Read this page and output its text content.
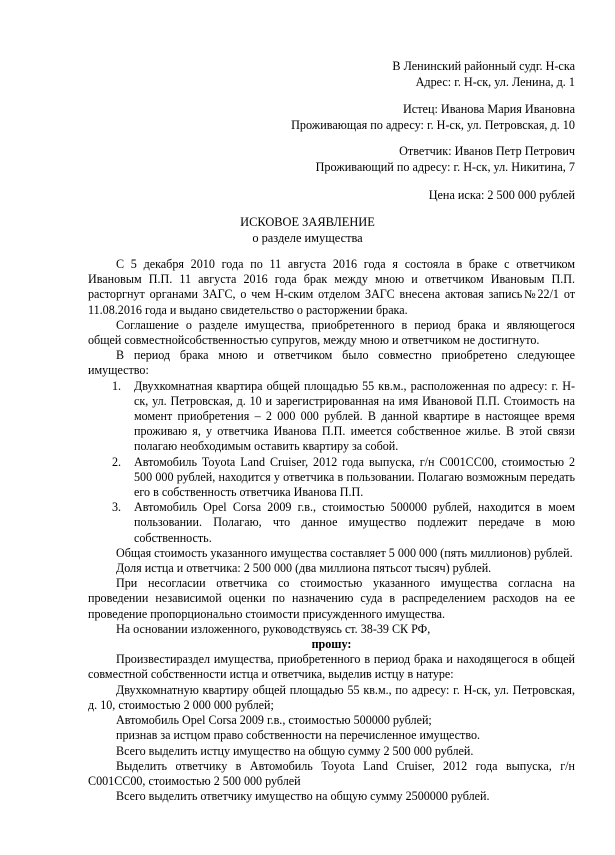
В Ленинский районный судг. Н-ска
Адрес: г. Н-ск, ул. Ленина, д. 1
Истец: Иванова Мария Ивановна
Проживающая по адресу: г. Н-ск, ул. Петровская, д. 10
Ответчик: Иванов Петр Петрович
Проживающий по адресу: г. Н-ск, ул. Никитина, 7
Цена иска: 2 500 000 рублей
ИСКОВОЕ ЗАЯВЛЕНИЕ
о разделе имущества

С 5 декабря 2010 года по 11 августа 2016 года я состояла в браке с ответчиком Ивановым П.П. 11 августа 2016 года брак между мною и ответчиком Ивановым П.П. расторгнут органами ЗАГС, о чем Н-ским отделом ЗАГС внесена актовая запись№22/1 от 11.08.2016 года и выдано свидетельство о расторжении брака.

Соглашение о разделе имущества, приобретенного в период брака и являющегося общей совместнойсобственностью супругов, между мною и ответчиком не достигнуто.

В период брака мною и ответчиком было совместно приобретено следующее имущество:

1. Двухкомнатная квартира общей площадью 55 кв.м., расположенная по адресу: г. Н-ск, ул. Петровская, д. 10 и зарегистрированная на имя Ивановой П.П. Стоимость на момент приобретения – 2 000 000 рублей. В данной квартире в настоящее время проживаю я, у ответчика Иванова П.П. имеется собственное жилье. В этой связи полагаю необходимым оставить квартиру за собой.
2. Автомобиль Toyota Land Cruiser, 2012 года выпуска, г/н С001СС00, стоимостью 2 500 000 рублей, находится у ответчика в пользовании. Полагаю возможным передать его в собственность ответчика Иванова П.П.
3. Автомобиль Opel Corsa 2009 г.в., стоимостью 500000 рублей, находится в моем пользовании. Полагаю, что данное имущество подлежит передаче в мою собственность.

Общая стоимость указанного имущества составляет 5 000 000 (пять миллионов) рублей.

Доля истца и ответчика: 2 500 000 (два миллиона пятьсот тысяч) рублей.

При несогласии ответчика со стоимостью указанного имущества согласна на проведении независимой оценки по назначению суда в распределением расходов на ее проведение пропорционально стоимости присужденного имущества.

На основании изложенного, руководствуясь ст. 38-39 СК РФ,

прошу:

Произвестираздел имущества, приобретенного в период брака и находящегося в общей совместной собственности истца и ответчика, выделив истцу в натуре:

Двухкомнатную квартиру общей площадью 55 кв.м., по адресу: г. Н-ск, ул. Петровская, д. 10, стоимостью 2 000 000 рублей;

Автомобиль Opel Corsa 2009 г.в., стоимостью 500000 рублей;

признав за истцом право собственности на перечисленное имущество.

Всего выделить истцу имущество на общую сумму 2 500 000 рублей.

Выделить ответчику в Автомобиль Toyota Land Cruiser, 2012 года выпуска, г/н С001СС00, стоимостью 2 500 000 рублей

Всего выделить ответчику имущество на общую сумму 2500000 рублей.
